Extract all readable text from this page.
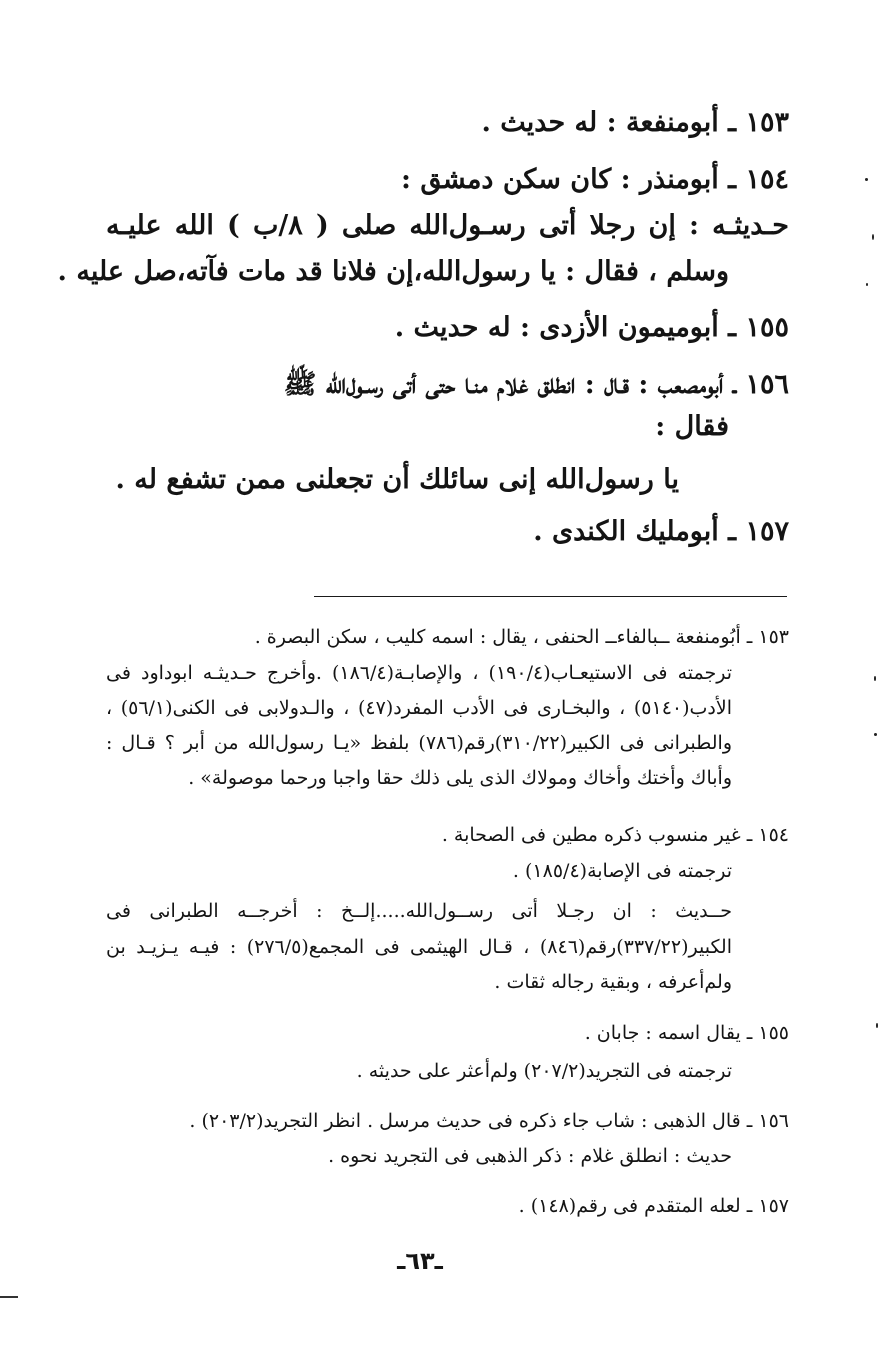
١٥٣ ـ أبومنفعة : له حديث .
١٥٤ ـ أبومنذر : كان سكن دمشق :
حـديثـه : إن رجلا أتى رسـول‌الله صلى ( ٨/ب ) الله عليـه
وسلم ، فقال : يا رسول‌الله،إن فلانا قد مات فآته،صل عليه .
١٥٥ ـ أبوميمون الأزدى : له حديث .
١٥٦ ـ أبومصعب : قـال : انطلق غلام منـا حتى أتى رسـول‌الله ﷺ
فقال :
يا رسول‌الله إنى سائلك أن تجعلنى ممن تشفع له .
١٥٧ ـ أبومليك الكندى .
١٥٣ ـ أبُومنفعة ــبالفاءــ الحنفى ، يقال : اسمه كليب ، سكن البصرة .
ترجمته فى الاستيعـاب(١٩٠/٤) ، والإصابـة(١٨٦/٤) .وأخرج حـديثـه ابوداود فى
الأدب(٥١٤٠) ، والبخـارى فى الأدب المفرد(٤٧) ، والـدولابى فى الكنى(٥٦/١) ،
والطبرانى فى الكبير(٣١٠/٢٢)رقم(٧٨٦) بلفظ «يـا رسول‌الله من أبر ؟ قـال :
وأباك وأختك وأخاك ومولاك الذى يلى ذلك حقا واجبا ورحما موصولة» .
١٥٤ ـ غير منسوب ذكره مطين فى الصحابة .
ترجمته فى الإصابة(١٨٥/٤) .
حــديث : ان رجـلا أتى رســول‌الله.....إلــخ : أخرجــه الطبرانى فى
الكبير(٣٣٧/٢٢)رقم(٨٤٦) ، قـال الهيثمى فى المجمع(٢٧٦/٥) : فيـه يـزيـد بن
ولم‌أعرفه ، وبقية رجاله ثقات .
١٥٥ ـ يقال اسمه : جابان .
ترجمته فى التجريد(٢٠٧/٢) ولم‌أعثر على حديثه .
١٥٦ ـ قال الذهبى : شاب جاء ذكره فى حديث مرسل . انظر التجريد(٢٠٣/٢) .
حديث : انطلق غلام : ذكر الذهبى فى التجريد نحوه .
١٥٧ ـ لعله المتقدم فى رقم(١٤٨) .
ـ٦٣ـ
